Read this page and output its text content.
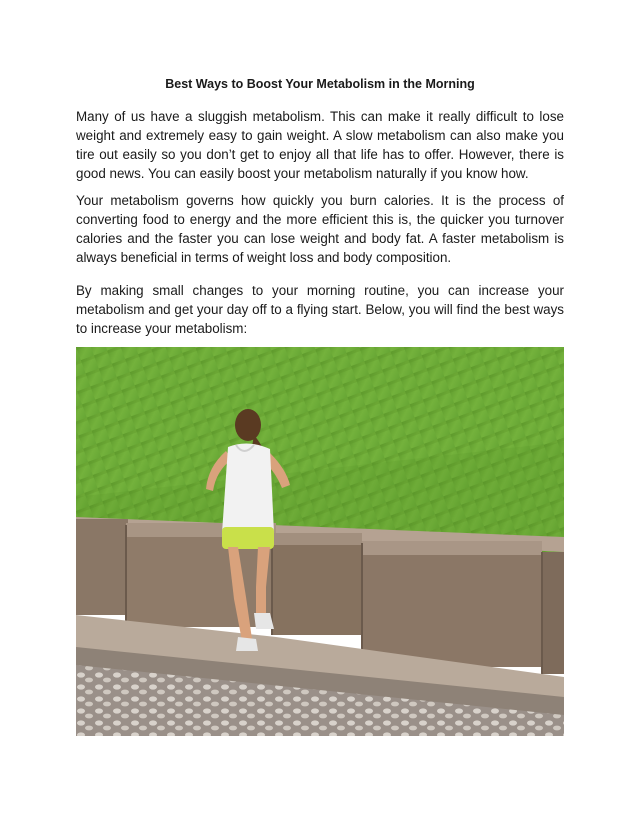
Best Ways to Boost Your Metabolism in the Morning

Many of us have a sluggish metabolism. This can make it really difficult to lose weight and extremely easy to gain weight. A slow metabolism can also make you tire out easily so you don’t get to enjoy all that life has to offer. However, there is good news. You can easily boost your metabolism naturally if you know how.

Your metabolism governs how quickly you burn calories. It is the process of converting food to energy and the more efficient this is, the quicker you turnover calories and the faster you can lose weight and body fat. A faster metabolism is always beneficial in terms of weight loss and body composition.

By making small changes to your morning routine, you can increase your metabolism and get your day off to a flying start. Below, you will find the best ways to increase your metabolism:
